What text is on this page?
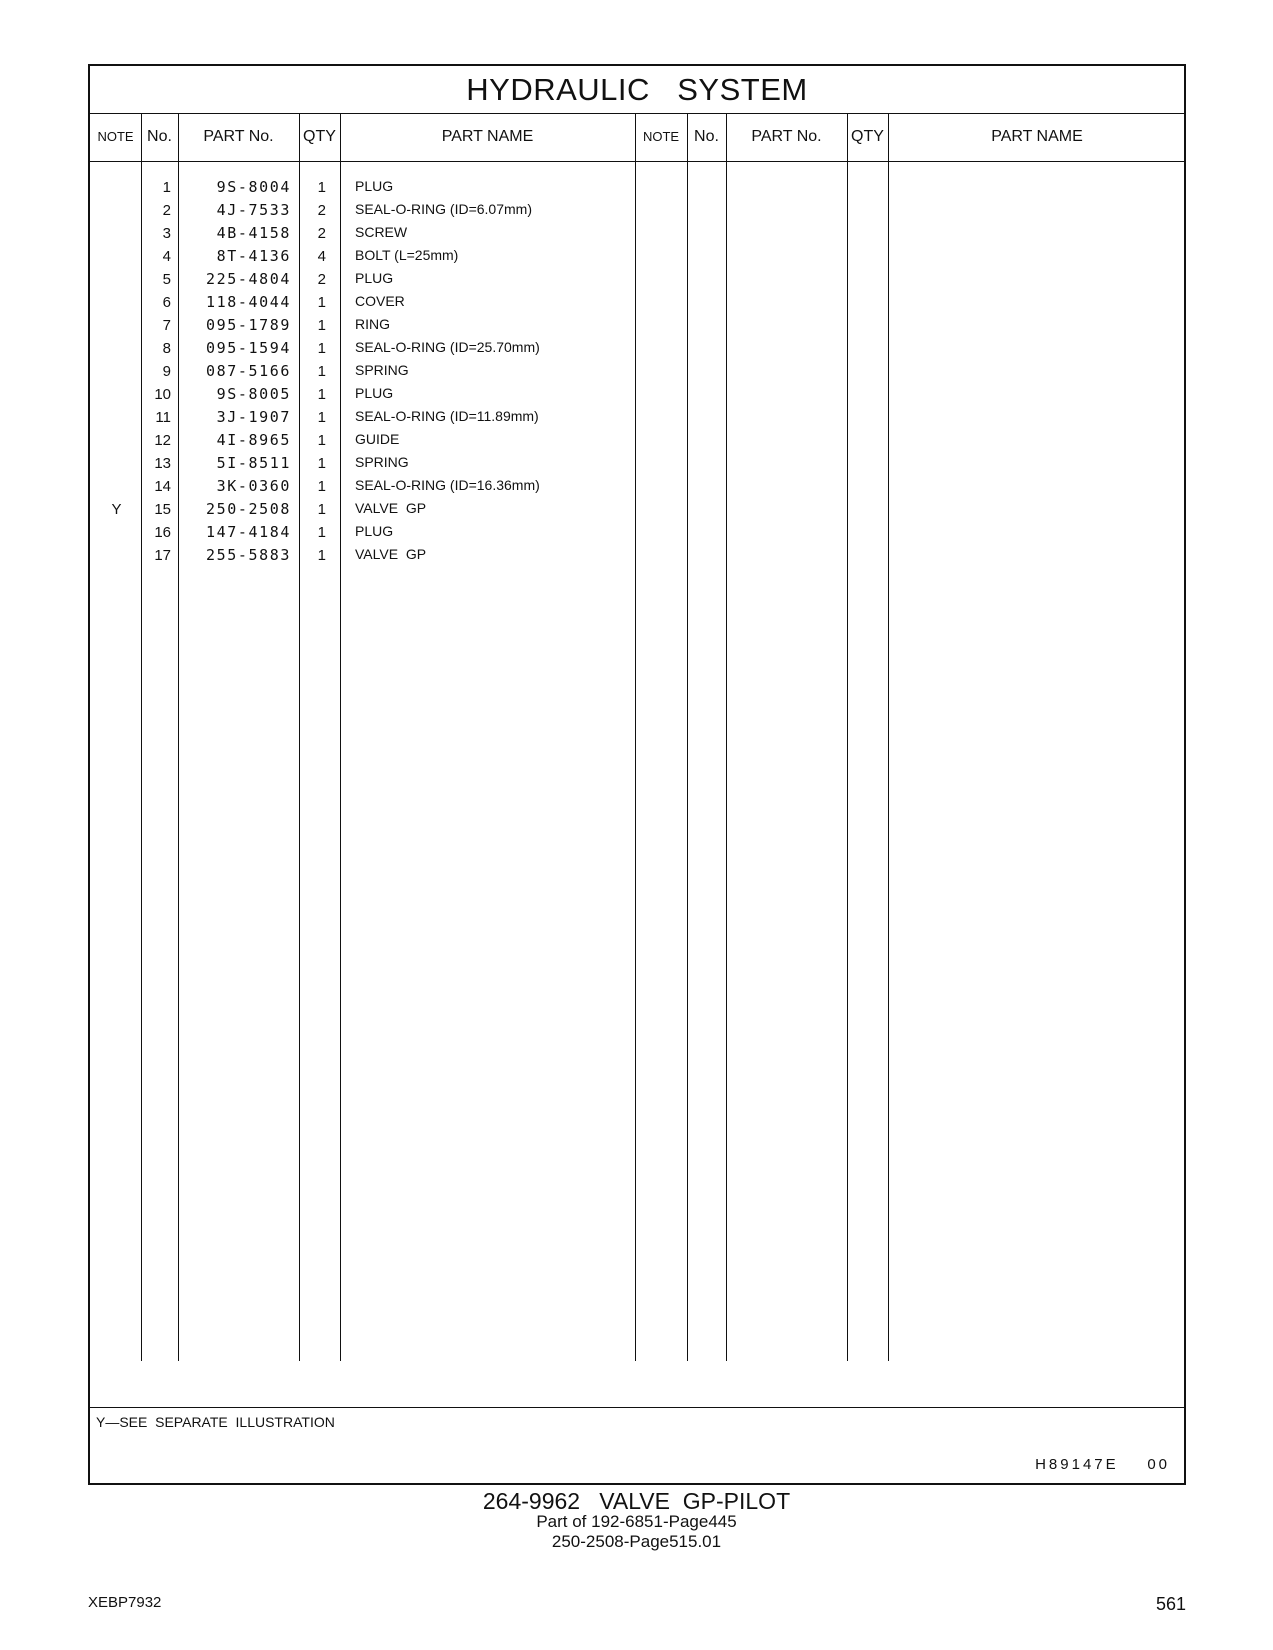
HYDRAULIC   SYSTEM
NOTE No.	PART No.	QTY	PART NAME	NOTE No.	PART No.	QTY	PART NAME
1	9S-8004	1 PLUG
2	4J-7533	2 SEAL-O-RING (ID=6.07mm)
3	4B-4158	2 SCREW
4	8T-4136	4 BOLT (L=25mm)
5	225-4804	2 PLUG
6	118-4044	1 COVER
7	095-1789	1 RING
8	095-1594	1 SEAL-O-RING (ID=25.70mm)
9	087-5166	1 SPRING
10	9S-8005	1 PLUG
11	3J-1907	1 SEAL-O-RING (ID=11.89mm)
12	4I-8965	1 GUIDE
13	5I-8511	1 SPRING
14	3K-0360	1 SEAL-O-RING (ID=16.36mm)
Y	15	250-2508	1 VALVE  GP
16	147-4184	1 PLUG
17	255-5883	1 VALVE  GP
Y—SEE  SEPARATE  ILLUSTRATION
H89147E    00
264-9962   VALVE  GP-PILOT
Part of 192-6851-Page445
250-2508-Page515.01
XEBP7932	561
